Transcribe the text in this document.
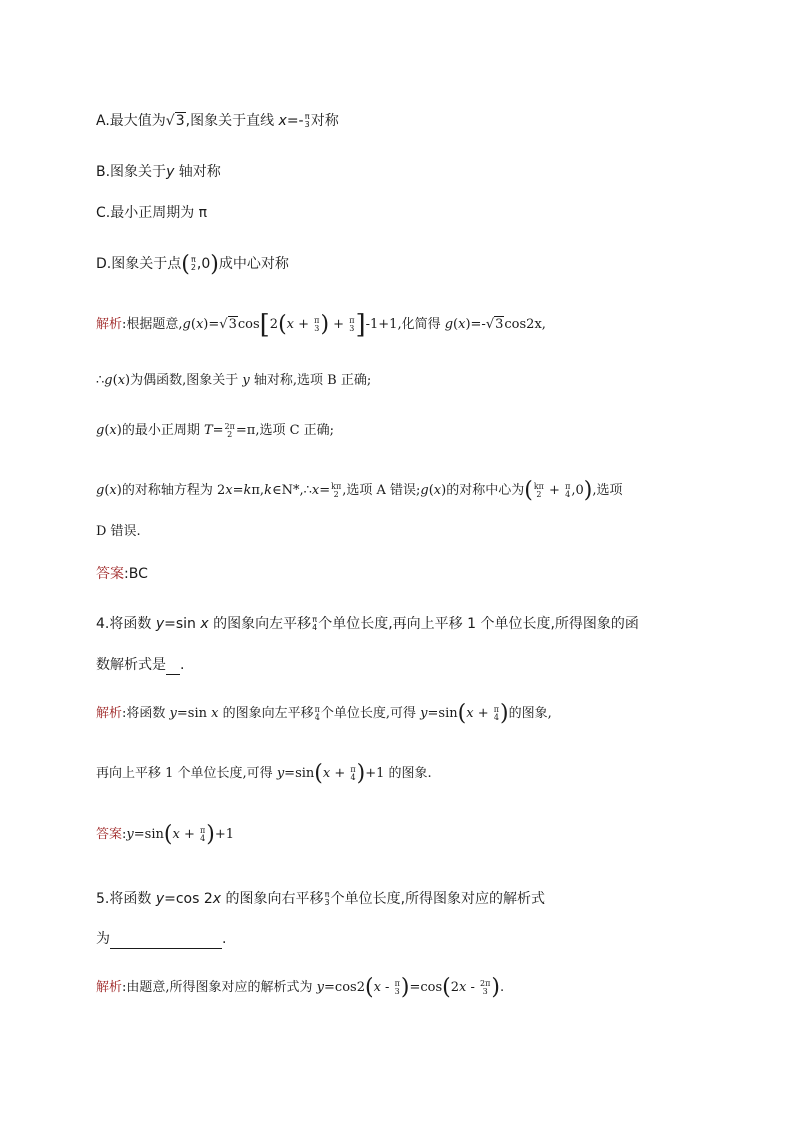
A.最大值为√3,图象关于直线 x=- π
3 对称
B.图象关于y 轴对称
C.最小正周期为 π
D.图象关于点( π
2 ,0)成中心对称
解析:根据题意,g(x)=√3cos[2(x + π
3 ) + π
3 ]-1+1,化简得 g(x)=-√3cos2x,
∴g(x)为偶函数,图象关于 y 轴对称,选项 B 正确;
g(x)的最小正周期 T= 2π
2 =π,选项 C 正确;
g(x)的对称轴方程为 2x=kπ,k∈N*,∴x= kπ
2 ,选项 A 错误;g(x)的对称中心为( kπ
2 + π
4 ,0),选项
D 错误.
答案:BC
4.将函数 y=sin x 的图象向左平移 π
4 个单位长度,再向上平移 1 个单位长度,所得图象的函
数解析式是 .
解析:将函数 y=sin x 的图象向左平移 π
4 个单位长度,可得 y=sin(x + π
4 )的图象,
再向上平移 1 个单位长度,可得 y=sin(x + π
4 )+1 的图象.
答案:y=sin(x + π
4 )+1
5.将函数 y=cos 2x 的图象向右平移 π
3 个单位长度,所得图象对应的解析式
为	.
解析:由题意,所得图象对应的解析式为 y=cos2(x - π
3 )=cos(2x - 2π
3 ).
